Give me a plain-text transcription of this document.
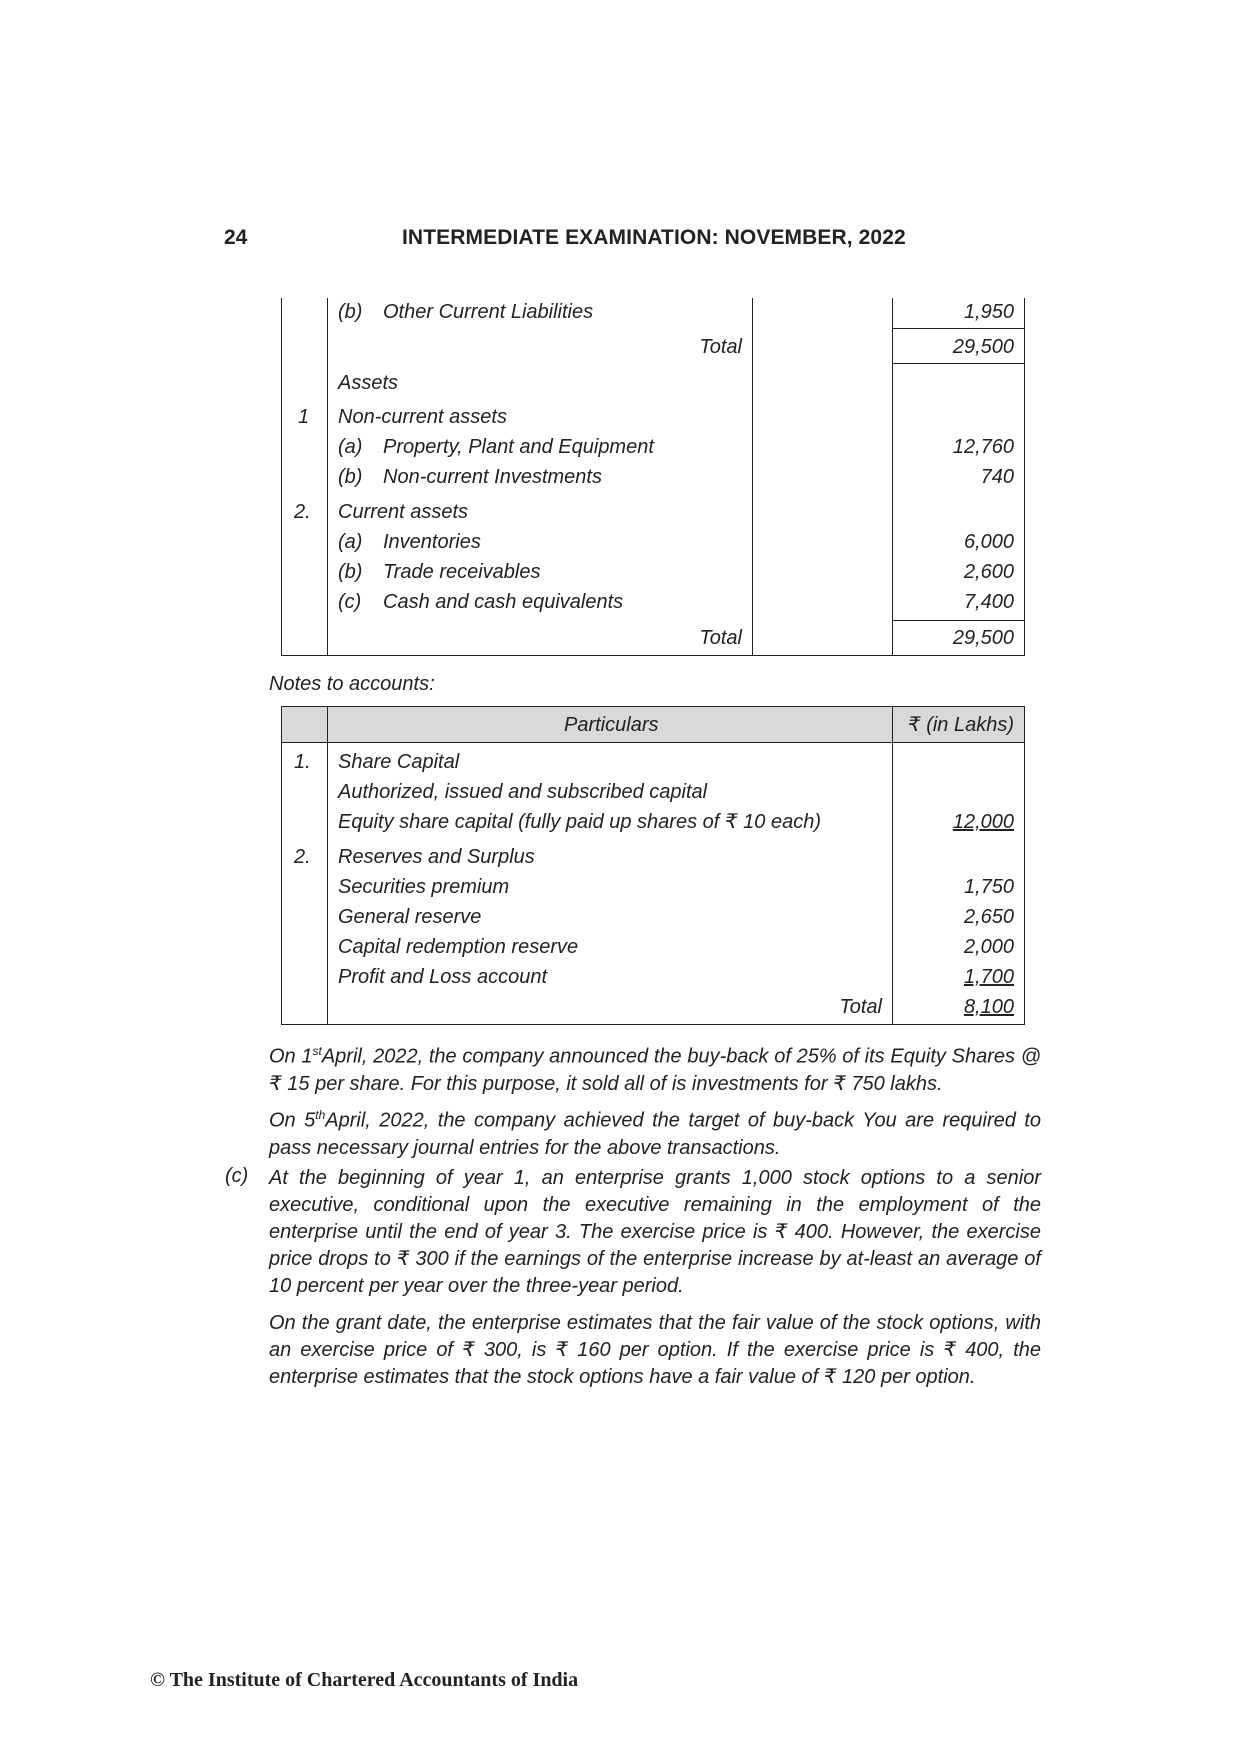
24	INTERMEDIATE EXAMINATION: NOVEMBER, 2022
(b) Other Current Liabilities	1,950
Total	29,500
Assets
1 Non-current assets
(a) Property, Plant and Equipment	12,760
(b) Non-current Investments	740
2. Current assets
(a) Inventories	6,000
(b) Trade receivables	2,600
(c) Cash and cash equivalents	7,400
Total	29,500
Notes to accounts:
Particulars	₹ (in Lakhs)
1. Share Capital
Authorized, issued and subscribed capital
Equity share capital (fully paid up shares of ₹ 10 each)	12,000
2. Reserves and Surplus
Securities premium	1,750
General reserve	2,650
Capital redemption reserve	2,000
Profit and Loss account	1,700
Total	8,100
On 1stApril, 2022, the company announced the buy-back of 25% of its Equity Shares @ ₹ 15 per share. For this purpose, it sold all of is investments for ₹ 750 lakhs.
On 5thApril, 2022, the company achieved the target of buy-back You are required to pass necessary journal entries for the above transactions.
(c) At the beginning of year 1, an enterprise grants 1,000 stock options to a senior executive, conditional upon the executive remaining in the employment of the enterprise until the end of year 3. The exercise price is ₹ 400. However, the exercise price drops to ₹ 300 if the earnings of the enterprise increase by at-least an average of 10 percent per year over the three-year period.
On the grant date, the enterprise estimates that the fair value of the stock options, with an exercise price of ₹ 300, is ₹ 160 per option. If the exercise price is ₹ 400, the enterprise estimates that the stock options have a fair value of ₹ 120 per option.
© The Institute of Chartered Accountants of India
